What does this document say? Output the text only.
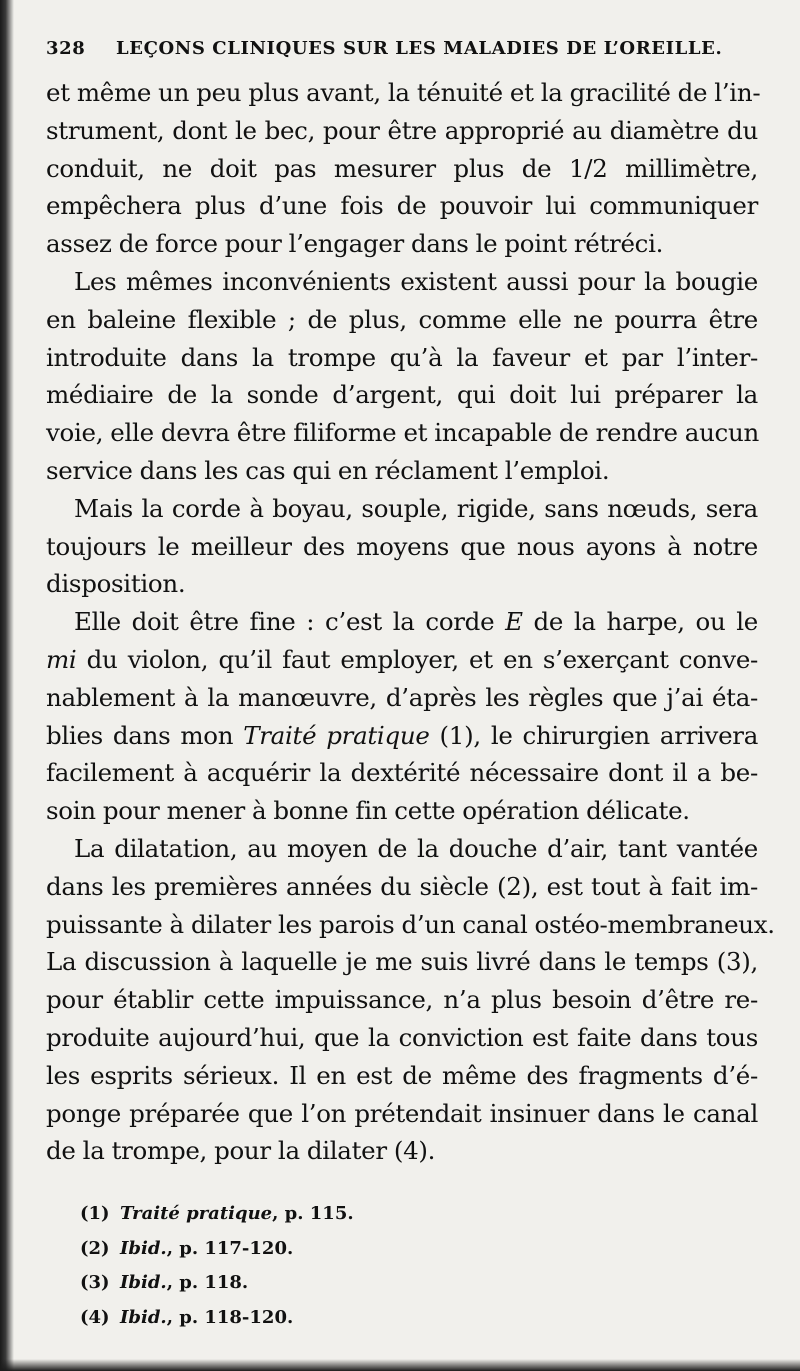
328 LEÇONS CLINIQUES SUR LES MALADIES DE L’OREILLE.
et même un peu plus avant, la ténuité et la gracilité de l’in-
strument, dont le bec, pour être approprié au diamètre du
conduit, ne doit pas mesurer plus de 1/2 millimètre,
empêchera plus d’une fois de pouvoir lui communiquer
assez de force pour l’engager dans le point rétréci.
Les mêmes inconvénients existent aussi pour la bougie
en baleine flexible ; de plus, comme elle ne pourra être
introduite dans la trompe qu’à la faveur et par l’inter-
médiaire de la sonde d’argent, qui doit lui préparer la
voie, elle devra être filiforme et incapable de rendre aucun
service dans les cas qui en réclament l’emploi.
Mais la corde à boyau, souple, rigide, sans nœuds, sera
toujours le meilleur des moyens que nous ayons à notre
disposition.
Elle doit être fine : c’est la corde E de la harpe, ou le
mi du violon, qu’il faut employer, et en s’exerçant conve-
nablement à la manœuvre, d’après les règles que j’ai éta-
blies dans mon Traité pratique (1), le chirurgien arrivera
facilement à acquérir la dextérité nécessaire dont il a be-
soin pour mener à bonne fin cette opération délicate.
La dilatation, au moyen de la douche d’air, tant vantée
dans les premières années du siècle (2), est tout à fait im-
puissante à dilater les parois d’un canal ostéo-membraneux.
La discussion à laquelle je me suis livré dans le temps (3),
pour établir cette impuissance, n’a plus besoin d’être re-
produite aujourd’hui, que la conviction est faite dans tous
les esprits sérieux. Il en est de même des fragments d’é-
ponge préparée que l’on prétendait insinuer dans le canal
de la trompe, pour la dilater (4).
(1) Traité pratique, p. 115.
(2) Ibid., p. 117-120.
(3) Ibid., p. 118.
(4) Ibid., p. 118-120.
